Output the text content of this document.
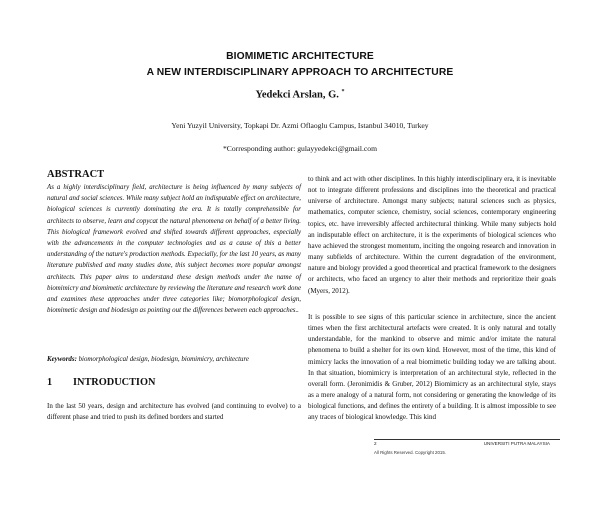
BIOMIMETIC ARCHITECTURE
A NEW INTERDISCIPLINARY APPROACH TO ARCHITECTURE
Yedekci Arslan, G. *
Yeni Yuzyil University, Topkapi Dr. Azmi Oflaoglu Campus, Istanbul 34010, Turkey
*Corresponding author: gulayyedekci@gmail.com
ABSTRACT
As a highly interdisciplinary field, architecture is being influenced by many subjects of natural and social sciences. While many subject hold an indisputable effect on architecture, biological sciences is currently dominating the era. It is totally comprehensible for architects to observe, learn and copycat the natural phenomena on behalf of a better living. This biological framework evolved and shifted towards different approaches, especially with the advancements in the computer technologies and as a cause of this a better understanding of the nature's production methods. Expecially, for the last 10 years, as many literature published and many studies done, this subject becomes more popular amongst architects. This paper aims to understand these design methods under the name of biomimicry and biomimetic architecture by reviewing the literature and research work done and examines these approaches under three categories like; biomorphological design, biomimetic design and biodesign as pointing out the differences between each approaches..
Keywords: biomorphological design, biodesign, biomimicry, architecture
1 INTRODUCTION
In the last 50 years, design and architecture has evolved (and continuing to evolve) to a different phase and tried to push its defined borders and started
to think and act with other disciplines. In this highly interdisciplinary era, it is inevitable not to integrate different professions and disciplines into the theoretical and practical universe of architecture. Amongst many subjects; natural sciences such as physics, mathematics, computer science, chemistry, social sciences, contemporary engineering topics, etc. have irreversibly affected architectural thinking. While many subjects hold an indisputable effect on architecture, it is the experiments of biological sciences who have achieved the strongest momentum, inciting the ongoing research and innovation in many subfields of architecture. Within the current degradation of the environment, nature and biology provided a good theoretical and practical framework to the designers or architects, who faced an urgency to alter their methods and reprioritize their goals (Myers, 2012).
It is possible to see signs of this particular science in architecture, since the ancient times when the first architectural artefacts were created. It is only natural and totally understandable, for the mankind to observe and mimic and/or imitate the natural phenomena to build a shelter for its own kind. However, most of the time, this kind of mimicry lacks the innovation of a real biomimetic building today we are talking about. In that situation, biomimicry is interpretation of an architectural style, reflected in the overall form. (Jeronimidis & Gruber, 2012) Biomimicry as an architectural style, stays as a mere analogy of a natural form, not considering or generating the knowledge of its biological functions, and defines the entirety of a building. It is almost impossible to see any traces of biological knowledge. This kind
2	UNIVERSITI PUTRA MALAYSIA
All Rights Reserved. Copyright 2015.
